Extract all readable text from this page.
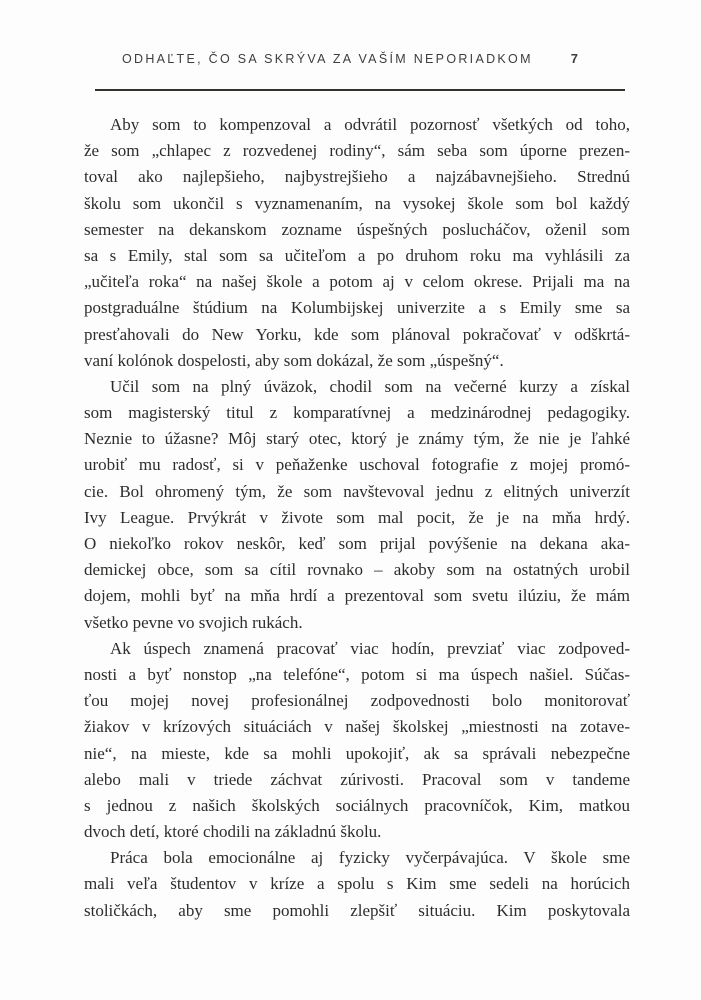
ODHAĽTE, ČO SA SKRÝVA ZA VAŠÍM NEPORIADKOM	7
Aby som to kompenzoval a odvrátil pozornosť všetkých od toho,
že som „chlapec z rozvedenej rodiny“, sám seba som úporne prezen-
toval ako najlepšieho, najbystrejšieho a najzábavnejšieho. Strednú
školu som ukončil s vyznamenaním, na vysokej škole som bol každý
semester na dekanskom zozname úspešných poslucháčov, oženil som
sa s Emily, stal som sa učiteľom a po druhom roku ma vyhlásili za
„učiteľa roka“ na našej škole a potom aj v celom okrese. Prijali ma na
postgraduálne štúdium na Kolumbijskej univerzite a s Emily sme sa
presťahovali do New Yorku, kde som plánoval pokračovať v odškrtá-
vaní kolónok dospelosti, aby som dokázal, že som „úspešný“.
Učil som na plný úväzok, chodil som na večerné kurzy a získal
som magisterský titul z komparatívnej a medzinárodnej pedagogiky.
Neznie to úžasne? Môj starý otec, ktorý je známy tým, že nie je ľahké
urobiť mu radosť, si v peňaženke uschoval fotografie z mojej promó-
cie. Bol ohromený tým, že som navštevoval jednu z elitných univerzít
Ivy League. Prvýkrát v živote som mal pocit, že je na mňa hrdý.
O niekoľko rokov neskôr, keď som prijal povýšenie na dekana aka-
demickej obce, som sa cítil rovnako – akoby som na ostatných urobil
dojem, mohli byť na mňa hrdí a prezentoval som svetu ilúziu, že mám
všetko pevne vo svojich rukách.
Ak úspech znamená pracovať viac hodín, prevziať viac zodpoved-
nosti a byť nonstop „na telefóne“, potom si ma úspech našiel. Súčas-
ťou mojej novej profesionálnej zodpovednosti bolo monitorovať
žiakov v krízových situáciách v našej školskej „miestnosti na zotave-
nie“, na mieste, kde sa mohli upokojiť, ak sa správali nebezpečne
alebo mali v triede záchvat zúrivosti. Pracoval som v tandeme
s jednou z našich školských sociálnych pracovníčok, Kim, matkou
dvoch detí, ktoré chodili na základnú školu.
Práca bola emocionálne aj fyzicky vyčerpávajúca. V škole sme
mali veľa študentov v kríze a spolu s Kim sme sedeli na horúcich
stoličkách, aby sme pomohli zlepšiť situáciu. Kim poskytovala
